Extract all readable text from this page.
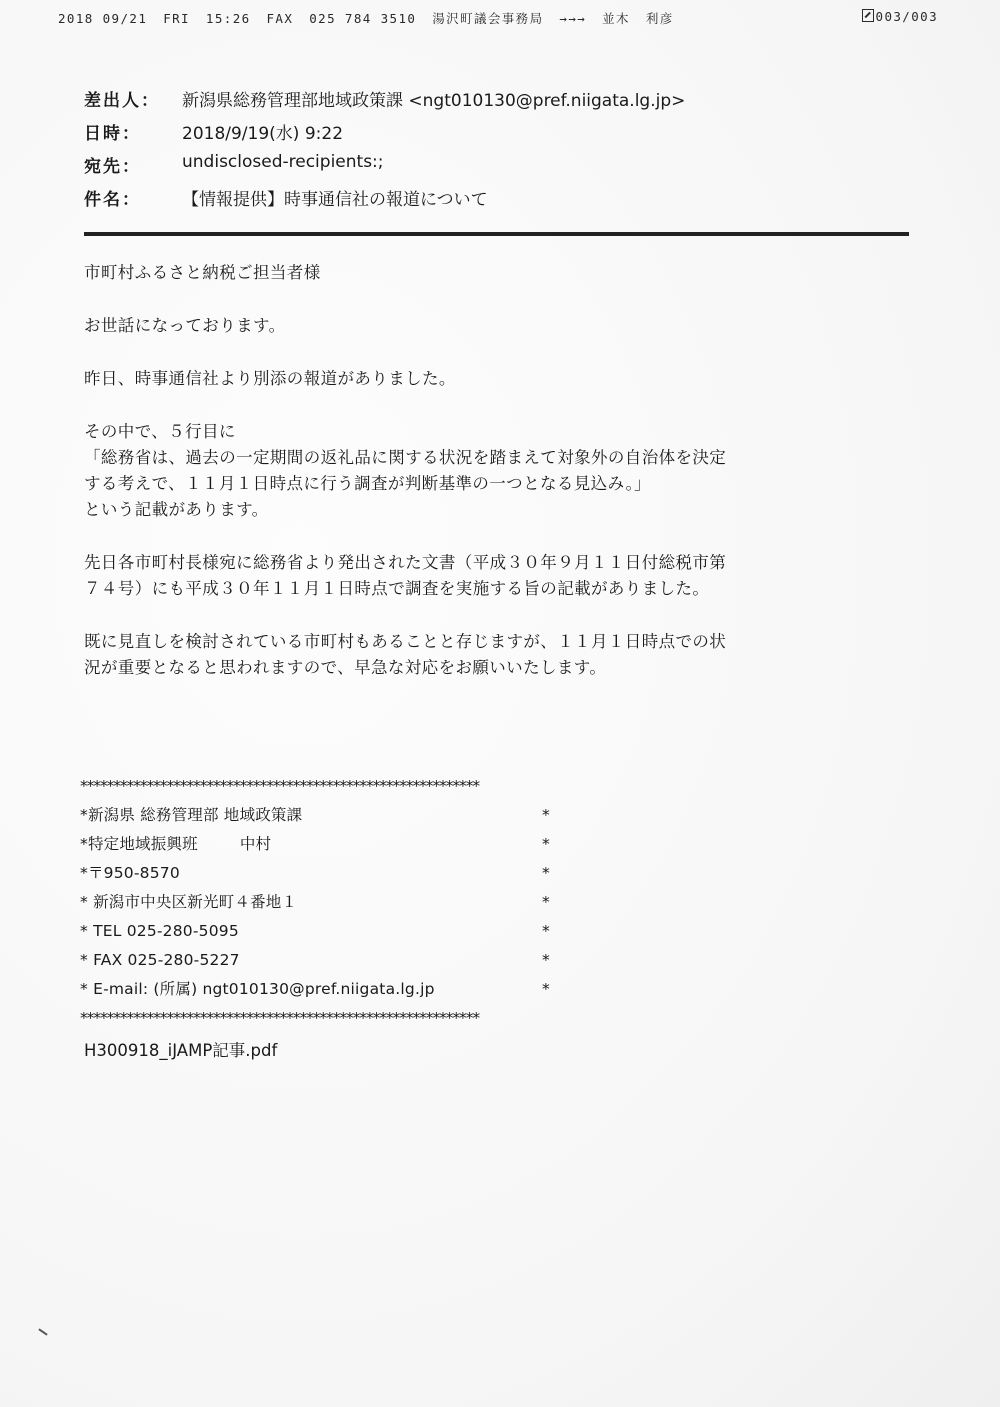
2018 09/21 FRI 15:26 FAX 025 784 3510 湯沢町議会事務局 →→→ 並木 利彦	003/003
差出人： 新潟県総務管理部地域政策課 <ngt010130@pref.niigata.lg.jp>
日時： 2018/9/19(水) 9:22
宛先： undisclosed-recipients:;
件名： 【情報提供】時事通信社の報道について

市町村ふるさと納税ご担当者様

お世話になっております。

昨日、時事通信社より別添の報道がありました。

その中で、５行目に
「総務省は、過去の一定期間の返礼品に関する状況を踏まえて対象外の自治体を決定
する考えで、１１月１日時点に行う調査が判断基準の一つとなる見込み。」
という記載があります。

先日各市町村長様宛に総務省より発出された文書（平成３０年９月１１日付総税市第
７４号）にも平成３０年１１月１日時点で調査を実施する旨の記載がありました。

既に見直しを検討されている市町村もあることと存じますが、１１月１日時点での状
況が重要となると思われますので、早急な対応をお願いいたします。

************************************************************
*新潟県 総務管理部 地域政策課	*
*特定地域振興班	中村	*
*〒950-8570	*
* 新潟市中央区新光町４番地１	*
* TEL 025-280-5095	*
* FAX 025-280-5227	*
* E-mail: (所属) ngt010130@pref.niigata.lg.jp	*
************************************************************
H300918_iJAMP記事.pdf
